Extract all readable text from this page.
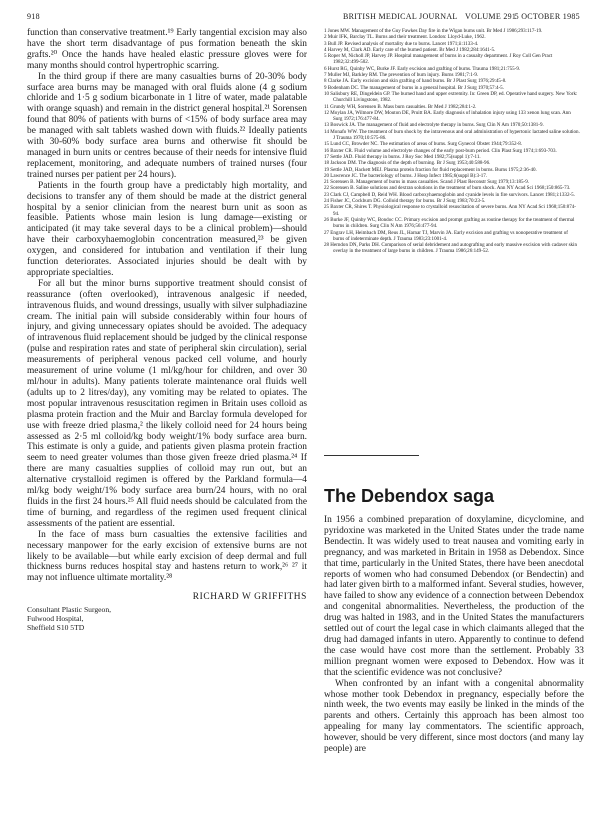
918	BRITISH MEDICAL JOURNAL VOLUME 291
5 OCTOBER 1985

function than conservative treatment.¹⁹ Early tangential excision may also have the short term disadvantage of pus formation beneath the skin grafts.²⁰ Once the hands have healed elastic pressure gloves were for many months should control hypertrophic scarring.

In the third group if there are many casualties burns of 20-30% body surface area burns may be managed with oral fluids alone (4 g sodium chloride and 1·5 g sodium bicarbonate in 1 litre of water, made palatable with orange squash) and remain in the district general hospital.²¹ Sorensen found that 80% of patients with burns of <15% of body surface area may be managed with salt tablets washed down with fluids.²² Ideally patients with 30-60% body surface area burns and otherwise fit should be managed in burn units or centres because of their needs for intensive fluid replacement, monitoring, and adequate numbers of trained nurses (four trained nurses per patient per 24 hours).

Patients in the fourth group have a predictably high mortality, and decisions to transfer any of them should be made at the district general hospital by a senior clinician from the nearest burn unit as soon as feasible. Patients whose main lesion is lung damage—existing or anticipated (it may take several days to be a clinical problem)—should have their carboxyhaemoglobin concentration measured,²³ be given oxygen, and considered for intubation and ventilation if their lung function deteriorates. Associated injuries should be dealt with by appropriate specialties.

For all but the minor burns supportive treatment should consist of reassurance (often overlooked), intravenous analgesic if needed, intravenous fluids, and wound dressings, usually with silver sulphadiazine cream. The initial pain will subside considerably within four hours of injury, and giving unnecessary opiates should be avoided. The adequacy of intravenous fluid replacement should be judged by the clinical response (pulse and respiration rates and state of peripheral skin circulation), serial measurements of peripheral venous packed cell volume, and hourly measurement of urine volume (1 ml/kg/hour for children, and over 30 ml/hour in adults). Many patients tolerate maintenance oral fluids well (adults up to 2 litres/day), any vomiting may be related to opiates. The most popular intravenous resuscitation regimen in Britain uses colloid as plasma protein fraction and the Muir and Barclay formula developed for use with freeze dried plasma,² the likely colloid need for 24 hours being assessed as 2·5 ml colloid/kg body weight/1% body surface area burn. This estimate is only a guide, and patients given plasma protein fraction seem to need greater volumes than those given freeze dried plasma.²⁴ If there are many casualties supplies of colloid may run out, but an alternative crystalloid regimen is offered by the Parkland formula—4 ml/kg body weight/1% body surface area burn/24 hours, with no oral fluids in the first 24 hours.²⁵ All fluid needs should be calculated from the time of burning, and regardless of the regimen used frequent clinical assessments of the patient are essential.

In the face of mass burn casualties the extensive facilities and necessary manpower for the early excision of extensive burns are not likely to be available—but while early excision of deep dermal and full thickness burns reduces hospital stay and hastens return to work,²⁶ ²⁷ it may not influence ultimate mortality.²⁸

RICHARD W GRIFFITHS
Consultant Plastic Surgeon,
Fulwood Hospital,
Sheffield S10 5TD

1 Jones MW. Management of the Guy Fawkes Day fire in the Wigan burns unit. Br Med J 1986;293:117-19.

2 Muir IFK, Barclay TL. Burns and their treatment. London: Lloyd-Luke, 1962.

3 Bull JP. Revised analysis of mortality due to burns. Lancet 1971;ii:1133-4.

4 Harvey M, Clark AD. Early care of the burned patient. Br Med J 1982;284:1641-5.

5 Roper M, Nicholl JP, Harvey JP. Hospital management of burns in a casualty department. J Roy Coll Gen Pract 1982;32:499-502.

6 Hurst RG, Quinby WC, Burke JF. Early excision and grafting of burns. Trauma 1981;21:755-9.

7 Muller MJ, Barkley RM. The prevention of burn injury. Burns 1981;7:1-9.

8 Clarke JA. Early excision and skin grafting of hand burns. Br J Plast Surg 1976;29:45-8.

9 Bodenham DC. The management of burns in a general hospital. Br J Surg 1970;57:4-5.

10 Salisbury RE, Dingeldein GP. The burned hand and upper extremity. In: Green DP, ed. Operative hand surgery. New York: Churchill Livingstone, 1982.

11 Grundy WH, Sorensen B. Mass burn casualties. Br Med J 1982;284:1-2.

12 Moylan JA, Wilmore DW, Mouton DE, Pruitt BA. Early diagnosis of inhalation injury using 133 xenon lung scan. Ann Surg 1972;176:477-84.

13 Boswick JA. The management of fluid and electrolyte therapy in burns. Surg Clin N Am 1970;50:1381-9.

14 Monafo WW. The treatment of burn shock by the intravenous and oral administration of hypertonic lactated saline solution. J Trauma 1970;10:575-86.

15 Lund CC, Browder NC. The estimation of areas of burns. Surg Gynecol Obstet 1944;79:352-8.

16 Baxter CR. Fluid volume and electrolyte changes of the early post-burn period. Clin Plast Surg 1974;1:693-703.

17 Settle JAD. Fluid therapy in burns. J Roy Soc Med 1982;75(suppl 1):7-11.

18 Jackson DM. The diagnosis of the depth of burning. Br J Surg 1953;40:588-96.

19 Settle JAD, Hackett MEJ. Plasma protein fraction for fluid replacement in burns. Burns 1975;2:36-40.

20 Lawrence JC. The bacteriology of burns. J Hosp Infect 1985;6(suppl B):3-17.

21 Sorensen B. Management of burns in mass casualties. Scand J Plast Reconstr Surg 1979;13:185-9.

22 Sorensen B. Saline solutions and dextran solutions in the treatment of burn shock. Ann NY Acad Sci 1968;150:865-73.

23 Clark CJ, Campbell D, Reid WH. Blood carboxyhaemoglobin and cyanide levels in fire survivors. Lancet 1981;i:1332-5.

24 Fisher JC, Cockburn DG. Colloid therapy for burns. Br J Surg 1983;70:23-5.

25 Baxter CR, Shires T. Physiological response to crystalloid resuscitation of severe burns. Ann NY Acad Sci 1968;150:874-94.

26 Burke JF, Quinby WC, Bondoc CC. Primary excision and prompt grafting as routine therapy for the treatment of thermal burns in children. Surg Clin N Am 1976;56:477-94.

27 Engrav LH, Heimbach DM, Reus JL, Harnar TJ, Marvin JA. Early excision and grafting vs nonoperative treatment of burns of indeterminate depth. J Trauma 1983;23:1001-4.

28 Herndon DN, Parks DH. Comparison of serial debridement and autografting and early massive excision with cadaver skin overlay in the treatment of large burns in children. J Trauma 1986;26:149-52.

The Debendox saga

In 1956 a combined preparation of doxylamine, dicyclomine, and pyridoxine was marketed in the United States under the trade name Bendectin. It was widely used to treat nausea and vomiting early in pregnancy, and was marketed in Britain in 1958 as Debendox. Since that time, particularly in the United States, there have been anecdotal reports of women who had consumed Debendox (or Bendectin) and had later given birth to a malformed infant. Several studies, however, have failed to show any evidence of a connection between Debendox and congenital abnormalities. Nevertheless, the production of the drug was halted in 1983, and in the United States the manufacturers settled out of court the legal case in which claimants alleged that the drug had damaged infants in utero. Apparently to continue to defend the case would have cost more than the settlement. Probably 33 million pregnant women were exposed to Debendox. How was it that the scientific evidence was not conclusive?

When confronted by an infant with a congenital abnormality whose mother took Debendox in pregnancy, especially before the ninth week, the two events may easily be linked in the minds of the parents and others. Certainly this approach has been almost too appealing for many lay commentators. The scientific approach, however, should be very different, since most doctors (and many lay people) are
